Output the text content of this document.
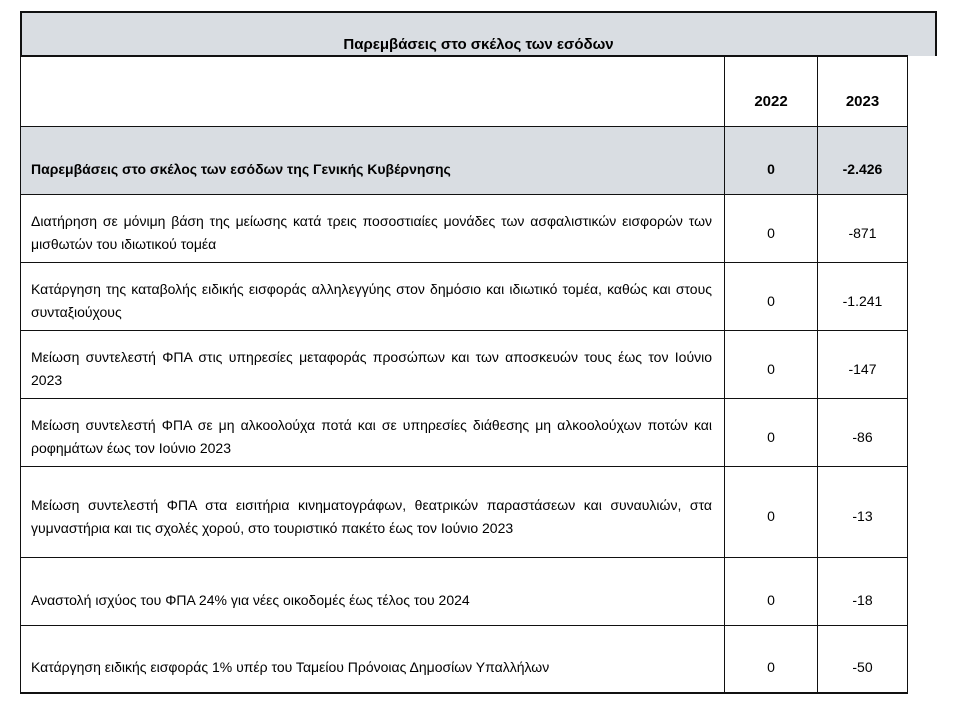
Παρεμβάσεις στο σκέλος των εσόδων
	2022	2023
Παρεμβάσεις στο σκέλος των εσόδων της Γενικής Κυβέρνησης	0	-2.426
Διατήρηση σε μόνιμη βάση της μείωσης κατά τρεις ποσοστιαίες μονάδες των ασφαλιστικών εισφορών των μισθωτών του ιδιωτικού τομέα	0	-871
Κατάργηση της καταβολής ειδικής εισφοράς αλληλεγγύης στον δημόσιο και ιδιωτικό τομέα, καθώς και στους συνταξιούχους	0	-1.241
Μείωση συντελεστή ΦΠΑ στις υπηρεσίες μεταφοράς προσώπων και των αποσκευών τους έως τον Ιούνιο 2023	0	-147
Μείωση συντελεστή ΦΠΑ σε μη αλκοολούχα ποτά και σε υπηρεσίες διάθεσης μη αλκοολούχων ποτών και ροφημάτων έως τον Ιούνιο 2023	0	-86
Μείωση συντελεστή ΦΠΑ στα εισιτήρια κινηματογράφων, θεατρικών παραστάσεων και συναυλιών, στα γυμναστήρια και τις σχολές χορού, στο τουριστικό πακέτο έως τον Ιούνιο 2023	0	-13
Αναστολή ισχύος του ΦΠΑ 24% για νέες οικοδομές έως τέλος του 2024	0	-18
Κατάργηση ειδικής εισφοράς 1% υπέρ του Ταμείου Πρόνοιας Δημοσίων Υπαλλήλων	0	-50
